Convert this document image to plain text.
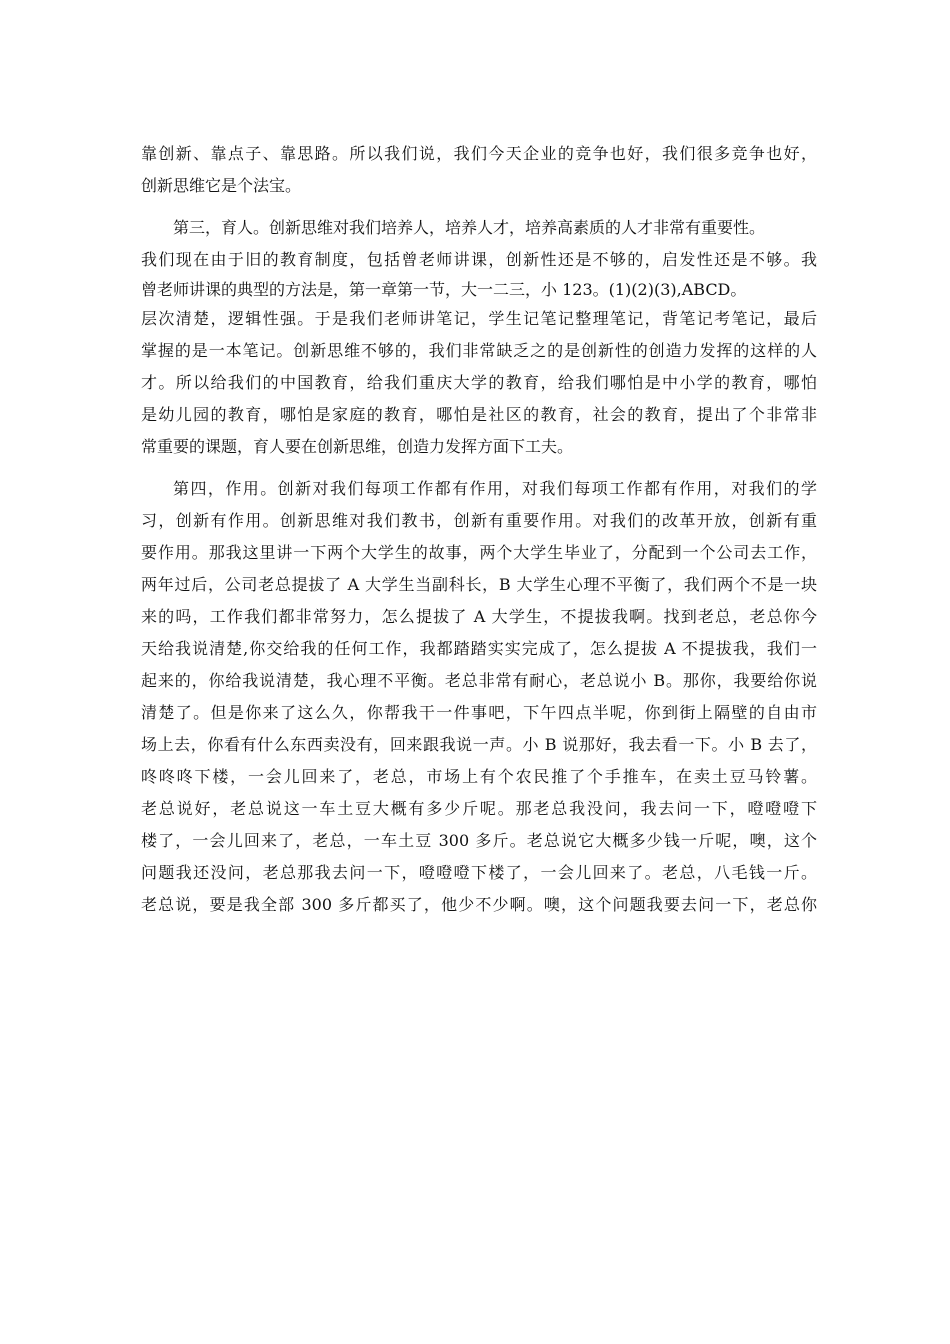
靠创新、靠点子、靠思路。所以我们说，我们今天企业的竞争也好，我们很多竞争也好，
创新思维它是个法宝。
第三，育人。创新思维对我们培养人，培养人才，培养高素质的人才非常有重要性。
我们现在由于旧的教育制度，包括曾老师讲课，创新性还是不够的，启发性还是不够。我
曾老师讲课的典型的方法是，第一章第一节，大一二三，小 123。(1)(2)(3),ABCD。
层次清楚，逻辑性强。于是我们老师讲笔记，学生记笔记整理笔记，背笔记考笔记，最后
掌握的是一本笔记。创新思维不够的，我们非常缺乏之的是创新性的创造力发挥的这样的人
才。所以给我们的中国教育，给我们重庆大学的教育，给我们哪怕是中小学的教育，哪怕
是幼儿园的教育，哪怕是家庭的教育，哪怕是社区的教育，社会的教育，提出了个非常非
常重要的课题，育人要在创新思维，创造力发挥方面下工夫。
第四，作用。创新对我们每项工作都有作用，对我们每项工作都有作用，对我们的学
习，创新有作用。创新思维对我们教书，创新有重要作用。对我们的改革开放，创新有重
要作用。那我这里讲一下两个大学生的故事，两个大学生毕业了，分配到一个公司去工作，
两年过后，公司老总提拔了 A 大学生当副科长，B 大学生心理不平衡了，我们两个不是一块
来的吗，工作我们都非常努力，怎么提拔了 A 大学生，不提拔我啊。找到老总，老总你今
天给我说清楚,你交给我的任何工作，我都踏踏实实完成了，怎么提拔 A 不提拔我，我们一
起来的，你给我说清楚，我心理不平衡。老总非常有耐心，老总说小 B。那你，我要给你说
清楚了。但是你来了这么久，你帮我干一件事吧，下午四点半呢，你到街上隔壁的自由市
场上去，你看有什么东西卖没有，回来跟我说一声。小 B 说那好，我去看一下。小 B 去了，
咚咚咚下楼，一会儿回来了，老总，市场上有个农民推了个手推车，在卖土豆马铃薯。
老总说好，老总说这一车土豆大概有多少斤呢。那老总我没问，我去问一下，噔噔噔下
楼了，一会儿回来了，老总，一车土豆 300 多斤。老总说它大概多少钱一斤呢，噢，这个
问题我还没问，老总那我去问一下，噔噔噔下楼了，一会儿回来了。老总，八毛钱一斤。
老总说，要是我全部 300 多斤都买了，他少不少啊。噢，这个问题我要去问一下，老总你
